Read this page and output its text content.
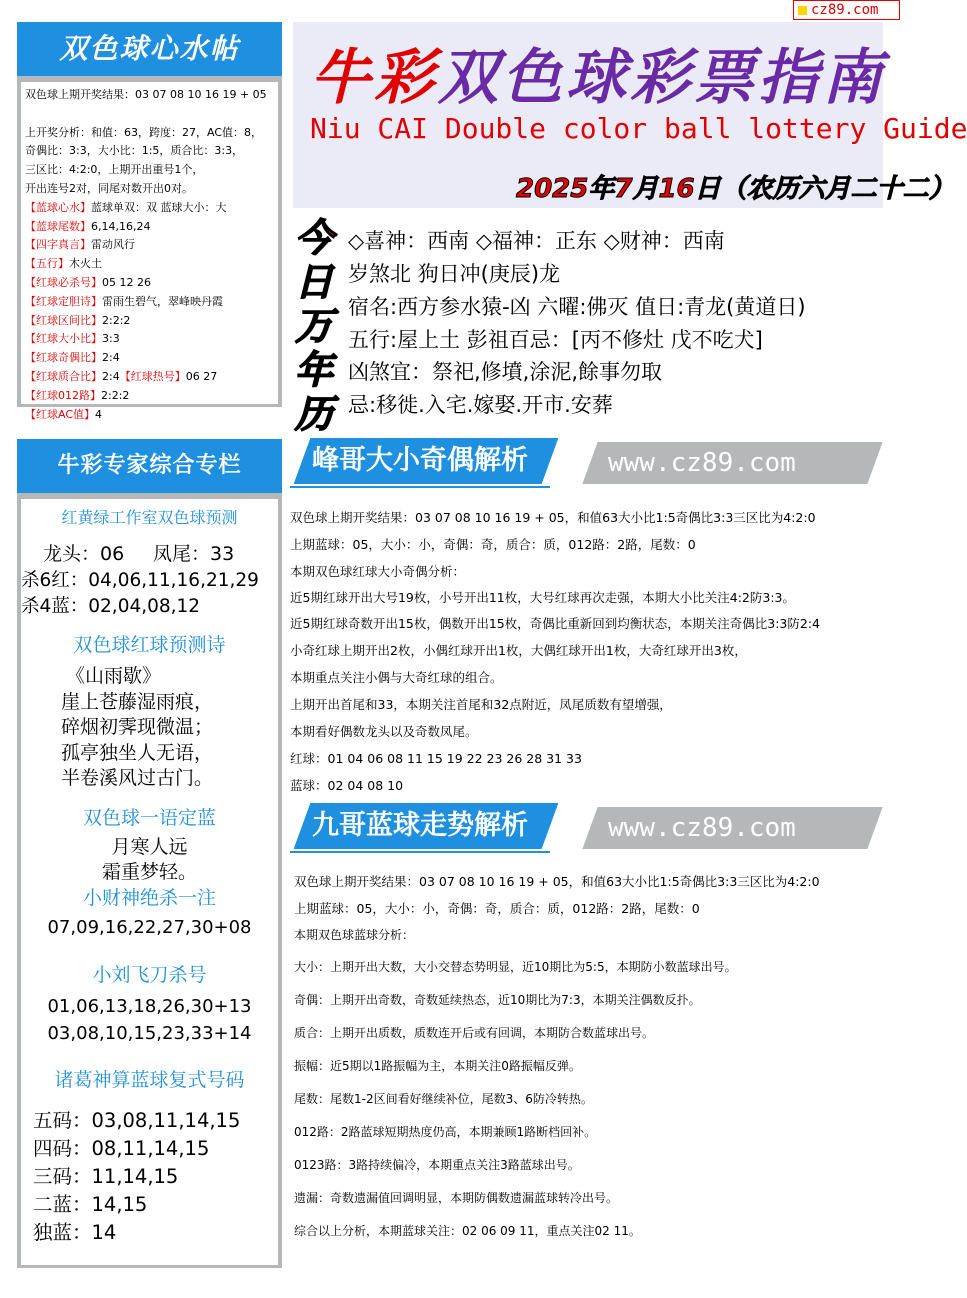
cz89.com
双色球心水帖
双色球上期开奖结果：03 07 08 10 16 19 + 05

上开奖分析：和值：63，跨度：27，AC值：8，
奇偶比：3:3，大小比：1:5，质合比：3:3，
三区比：4:2:0，上期开出重号1个，
开出连号2对，同尾对数开出0对。
【蓝球心水】蓝球单双：双 蓝球大小：大
【蓝球尾数】6,14,16,24
【四字真言】雷动风行
【五行】木火土
【红球必杀号】05 12 26
【红球定胆诗】雷雨生碧气，翠峰映丹霞
【红球区间比】2:2:2
【红球大小比】3:3
【红球奇偶比】2:4
【红球质合比】2:4【红球热号】06 27
【红球012路】2:2:2
【红球AC值】4
牛彩专家综合专栏
红黄绿工作室双色球预测
龙头：06 凤尾：33
杀6红：04,06,11,16,21,29
杀4蓝：02,04,08,12
双色球红球预测诗
《山雨歇》
崖上苍藤湿雨痕，
碎烟初霁现微温；
孤亭独坐人无语，
半卷溪风过古门。
双色球一语定蓝
月寒人远
霜重梦轻。
小财神绝杀一注
07,09,16,22,27,30+08
小刘飞刀杀号
01,06,13,18,26,30+13
03,08,10,15,23,33+14
诸葛神算蓝球复式号码
五码：03,08,11,14,15
四码：08,11,14,15
三码：11,14,15
二蓝：14,15
独蓝：14
牛彩双色球彩票指南
Niu CAI Double color ball lottery Guide
2025年7月16日（农历六月二十二）
今
日
万
年
历
◇喜神：西南 ◇福神：正东 ◇财神：西南
岁煞北 狗日冲(庚辰)龙
宿名:西方参水猿-凶 六曜:佛灭 值日:青龙(黄道日)
五行:屋上土 彭祖百忌：[丙不修灶 戊不吃犬]
凶煞宜：祭祀,修墳,涂泥,餘事勿取
忌:移徙.入宅.嫁娶.开市.安葬
峰哥大小奇偶解析	www.cz89.com
双色球上期开奖结果：03 07 08 10 16 19 + 05，和值63大小比1:5奇偶比3:3三区比为4:2:0
上期蓝球：05，大小：小，奇偶：奇，质合：质，012路：2路，尾数：0
本期双色球红球大小奇偶分析：
近5期红球开出大号19枚，小号开出11枚，大号红球再次走强，本期大小比关注4:2防3:3。
近5期红球奇数开出15枚，偶数开出15枚，奇偶比重新回到均衡状态，本期关注奇偶比3:3防2:4
小奇红球上期开出2枚，小偶红球开出1枚，大偶红球开出1枚，大奇红球开出3枚，
本期重点关注小偶与大奇红球的组合。
上期开出首尾和33，本期关注首尾和32点附近，凤尾质数有望增强，
本期看好偶数龙头以及奇数凤尾。
红球：01 04 06 08 11 15 19 22 23 26 28 31 33
蓝球：02 04 08 10
九哥蓝球走势解析	www.cz89.com
双色球上期开奖结果：03 07 08 10 16 19 + 05，和值63大小比1:5奇偶比3:3三区比为4:2:0
上期蓝球：05，大小：小，奇偶：奇，质合：质，012路：2路，尾数：0
本期双色球蓝球分析：
大小：上期开出大数，大小交替态势明显，近10期比为5:5，本期防小数蓝球出号。
奇偶：上期开出奇数，奇数延续热态，近10期比为7:3，本期关注偶数反扑。
质合：上期开出质数，质数连开后或有回调，本期防合数蓝球出号。
振幅：近5期以1路振幅为主，本期关注0路振幅反弹。
尾数：尾数1-2区间看好继续补位，尾数3、6防冷转热。
012路：2路蓝球短期热度仍高，本期兼顾1路断档回补。
0123路：3路持续偏冷，本期重点关注3路蓝球出号。
遗漏：奇数遗漏值回调明显，本期防偶数遗漏蓝球转冷出号。
综合以上分析，本期蓝球关注：02 06 09 11，重点关注02 11。
